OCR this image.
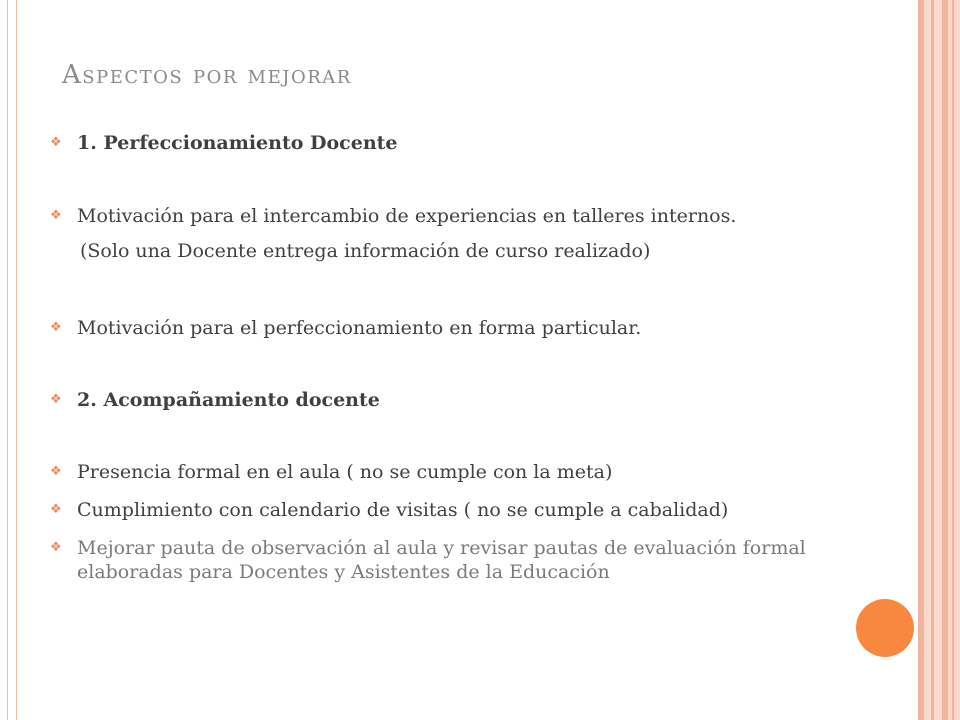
Aspectos por mejorar
❖ 1. Perfeccionamiento Docente
❖ Motivación para el intercambio de experiencias en talleres internos.
(Solo una Docente entrega información de curso realizado)
❖ Motivación para el perfeccionamiento en forma particular.
❖ 2. Acompañamiento docente
❖ Presencia formal en el aula ( no se cumple con la meta)
❖ Cumplimiento con calendario de visitas ( no se cumple a cabalidad)
❖ Mejorar pauta de observación al aula y revisar pautas de evaluación formal elaboradas para Docentes y Asistentes de la Educación
